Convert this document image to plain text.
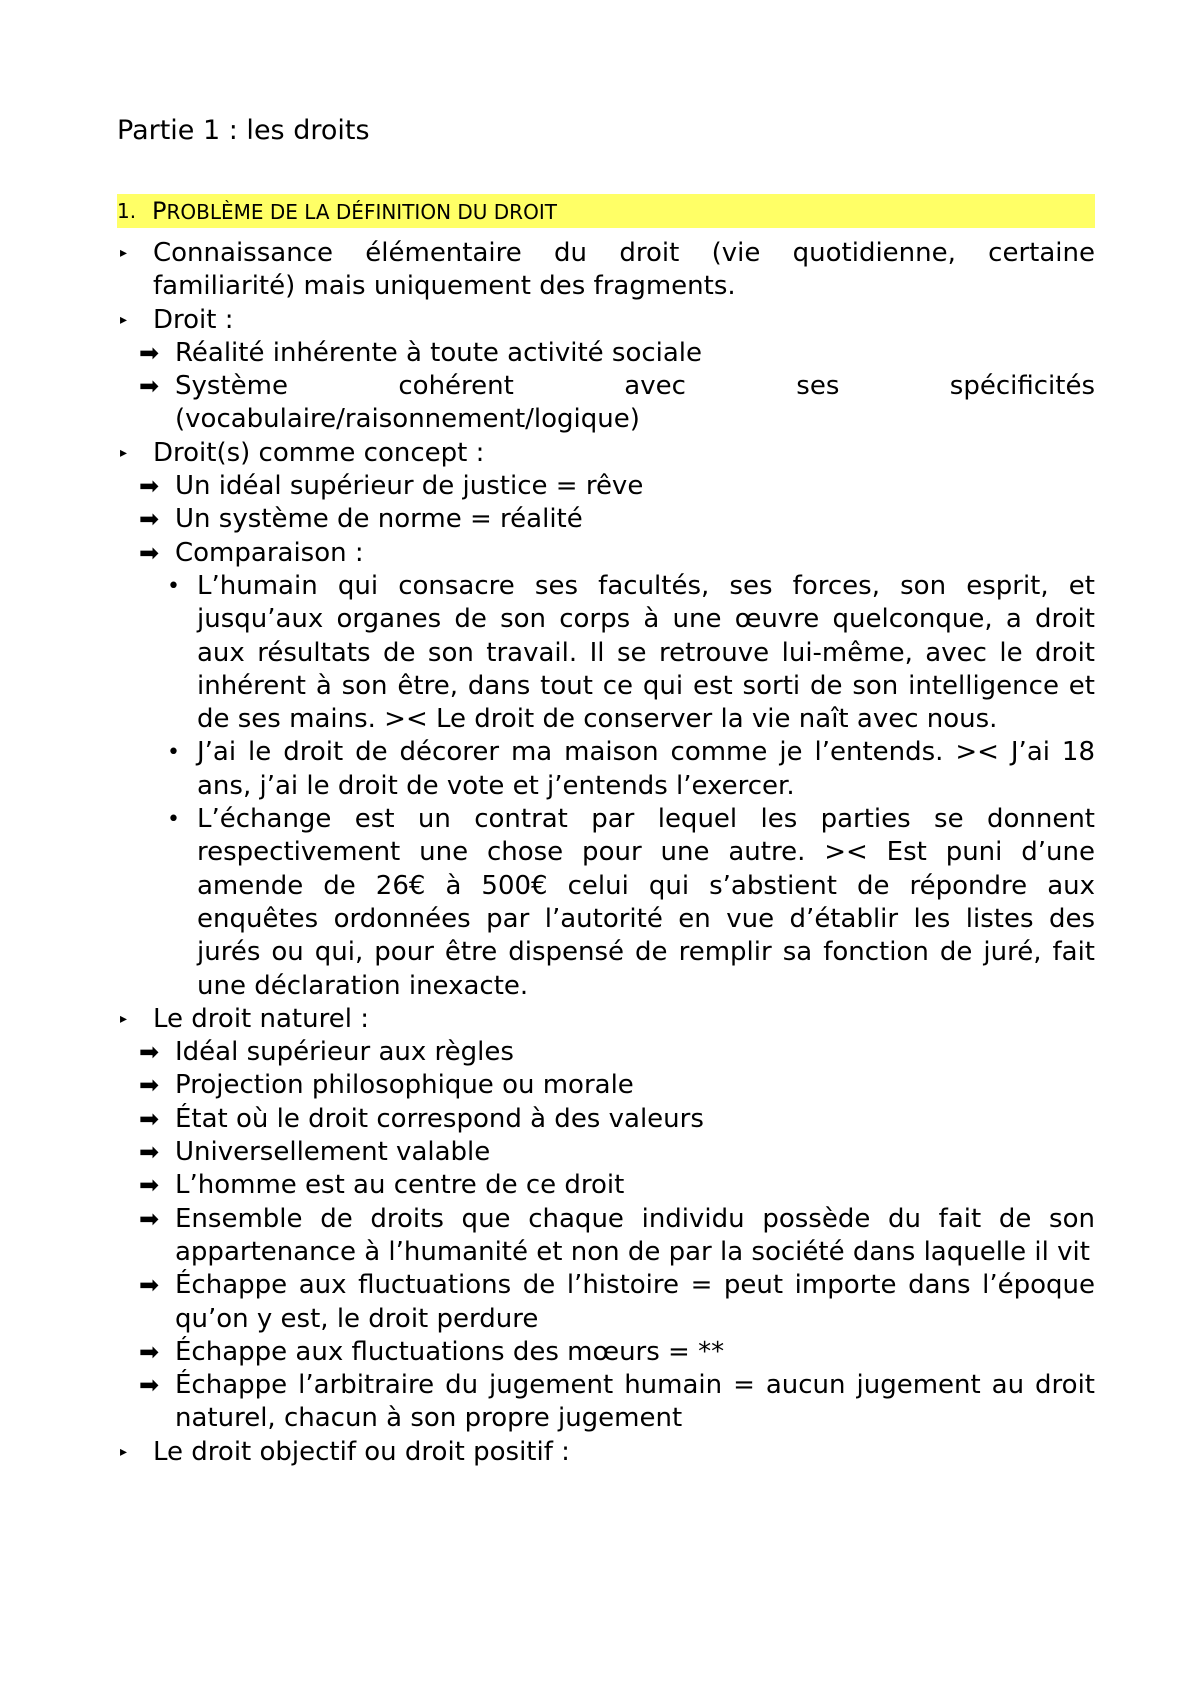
Partie 1 : les droits

1. PROBLÈME DE LA DÉFINITION DU DROIT
▸ Connaissance élémentaire du droit (vie quotidienne, certaine familiarité) mais uniquement des fragments.
▸ Droit :
➡ Réalité inhérente à toute activité sociale
➡ Système cohérent avec ses spécificités (vocabulaire/raisonnement/logique)
▸ Droit(s) comme concept :
➡ Un idéal supérieur de justice = rêve
➡ Un système de norme = réalité
➡ Comparaison :
• L’humain qui consacre ses facultés, ses forces, son esprit, et jusqu’aux organes de son corps à une œuvre quelconque, a droit aux résultats de son travail. Il se retrouve lui-même, avec le droit inhérent à son être, dans tout ce qui est sorti de son intelligence et de ses mains. >< Le droit de conserver la vie naît avec nous.
• J’ai le droit de décorer ma maison comme je l’entends. >< J’ai 18 ans, j’ai le droit de vote et j’entends l’exercer.
• L’échange est un contrat par lequel les parties se donnent respectivement une chose pour une autre. >< Est puni d’une amende de 26€ à 500€ celui qui s’abstient de répondre aux enquêtes ordonnées par l’autorité en vue d’établir les listes des jurés ou qui, pour être dispensé de remplir sa fonction de juré, fait une déclaration inexacte.
▸ Le droit naturel :
➡ Idéal supérieur aux règles
➡ Projection philosophique ou morale
➡ État où le droit correspond à des valeurs
➡ Universellement valable
➡ L’homme est au centre de ce droit
➡ Ensemble de droits que chaque individu possède du fait de son appartenance à l’humanité et non de par la société dans laquelle il vit
➡ Échappe aux fluctuations de l’histoire = peut importe dans l’époque qu’on y est, le droit perdure
➡ Échappe aux fluctuations des mœurs = **
➡ Échappe l’arbitraire du jugement humain = aucun jugement au droit naturel, chacun à son propre jugement
▸ Le droit objectif ou droit positif :
